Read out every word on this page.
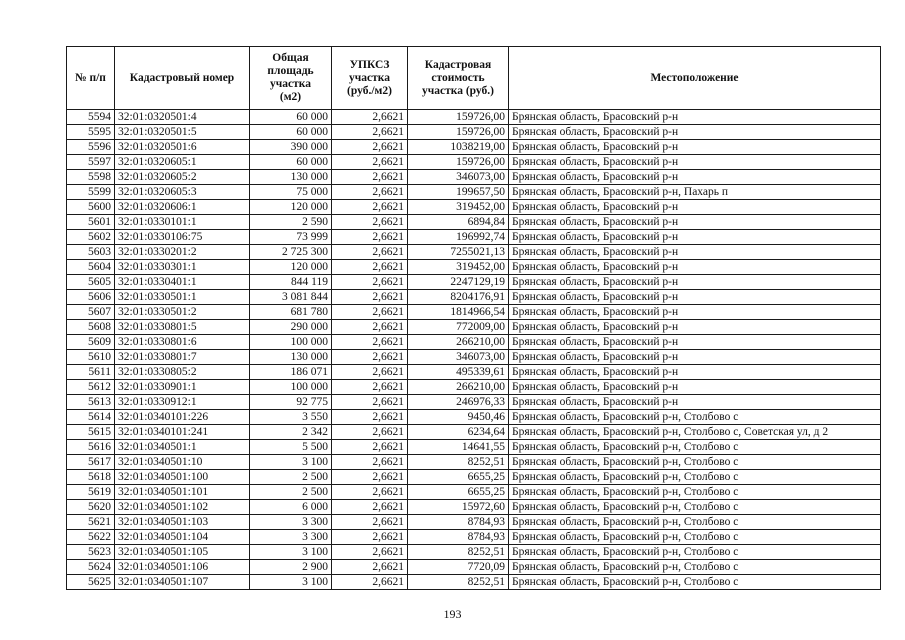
№ п/п	Кадастровый номер	Общая
площадь
участка
(м2)	УПКСЗ
участка
(руб./м2)	Кадастровая
стоимость
участка (руб.)	Местоположение
5594	32:01:0320501:4	60 000	2,6621	159726,00	Брянская область, Брасовский р-н
5595	32:01:0320501:5	60 000	2,6621	159726,00	Брянская область, Брасовский р-н
5596	32:01:0320501:6	390 000	2,6621	1038219,00	Брянская область, Брасовский р-н
5597	32:01:0320605:1	60 000	2,6621	159726,00	Брянская область, Брасовский р-н
5598	32:01:0320605:2	130 000	2,6621	346073,00	Брянская область, Брасовский р-н
5599	32:01:0320605:3	75 000	2,6621	199657,50	Брянская область, Брасовский р-н, Пахарь п
5600	32:01:0320606:1	120 000	2,6621	319452,00	Брянская область, Брасовский р-н
5601	32:01:0330101:1	2 590	2,6621	6894,84	Брянская область, Брасовский р-н
5602	32:01:0330106:75	73 999	2,6621	196992,74	Брянская область, Брасовский р-н
5603	32:01:0330201:2	2 725 300	2,6621	7255021,13	Брянская область, Брасовский р-н
5604	32:01:0330301:1	120 000	2,6621	319452,00	Брянская область, Брасовский р-н
5605	32:01:0330401:1	844 119	2,6621	2247129,19	Брянская область, Брасовский р-н
5606	32:01:0330501:1	3 081 844	2,6621	8204176,91	Брянская область, Брасовский р-н
5607	32:01:0330501:2	681 780	2,6621	1814966,54	Брянская область, Брасовский р-н
5608	32:01:0330801:5	290 000	2,6621	772009,00	Брянская область, Брасовский р-н
5609	32:01:0330801:6	100 000	2,6621	266210,00	Брянская область, Брасовский р-н
5610	32:01:0330801:7	130 000	2,6621	346073,00	Брянская область, Брасовский р-н
5611	32:01:0330805:2	186 071	2,6621	495339,61	Брянская область, Брасовский р-н
5612	32:01:0330901:1	100 000	2,6621	266210,00	Брянская область, Брасовский р-н
5613	32:01:0330912:1	92 775	2,6621	246976,33	Брянская область, Брасовский р-н
5614	32:01:0340101:226	3 550	2,6621	9450,46	Брянская область, Брасовский р-н, Столбово с
5615	32:01:0340101:241	2 342	2,6621	6234,64	Брянская область, Брасовский р-н, Столбово с, Советская ул, д 2
5616	32:01:0340501:1	5 500	2,6621	14641,55	Брянская область, Брасовский р-н, Столбово с
5617	32:01:0340501:10	3 100	2,6621	8252,51	Брянская область, Брасовский р-н, Столбово с
5618	32:01:0340501:100	2 500	2,6621	6655,25	Брянская область, Брасовский р-н, Столбово с
5619	32:01:0340501:101	2 500	2,6621	6655,25	Брянская область, Брасовский р-н, Столбово с
5620	32:01:0340501:102	6 000	2,6621	15972,60	Брянская область, Брасовский р-н, Столбово с
5621	32:01:0340501:103	3 300	2,6621	8784,93	Брянская область, Брасовский р-н, Столбово с
5622	32:01:0340501:104	3 300	2,6621	8784,93	Брянская область, Брасовский р-н, Столбово с
5623	32:01:0340501:105	3 100	2,6621	8252,51	Брянская область, Брасовский р-н, Столбово с
5624	32:01:0340501:106	2 900	2,6621	7720,09	Брянская область, Брасовский р-н, Столбово с
5625	32:01:0340501:107	3 100	2,6621	8252,51	Брянская область, Брасовский р-н, Столбово с
193
